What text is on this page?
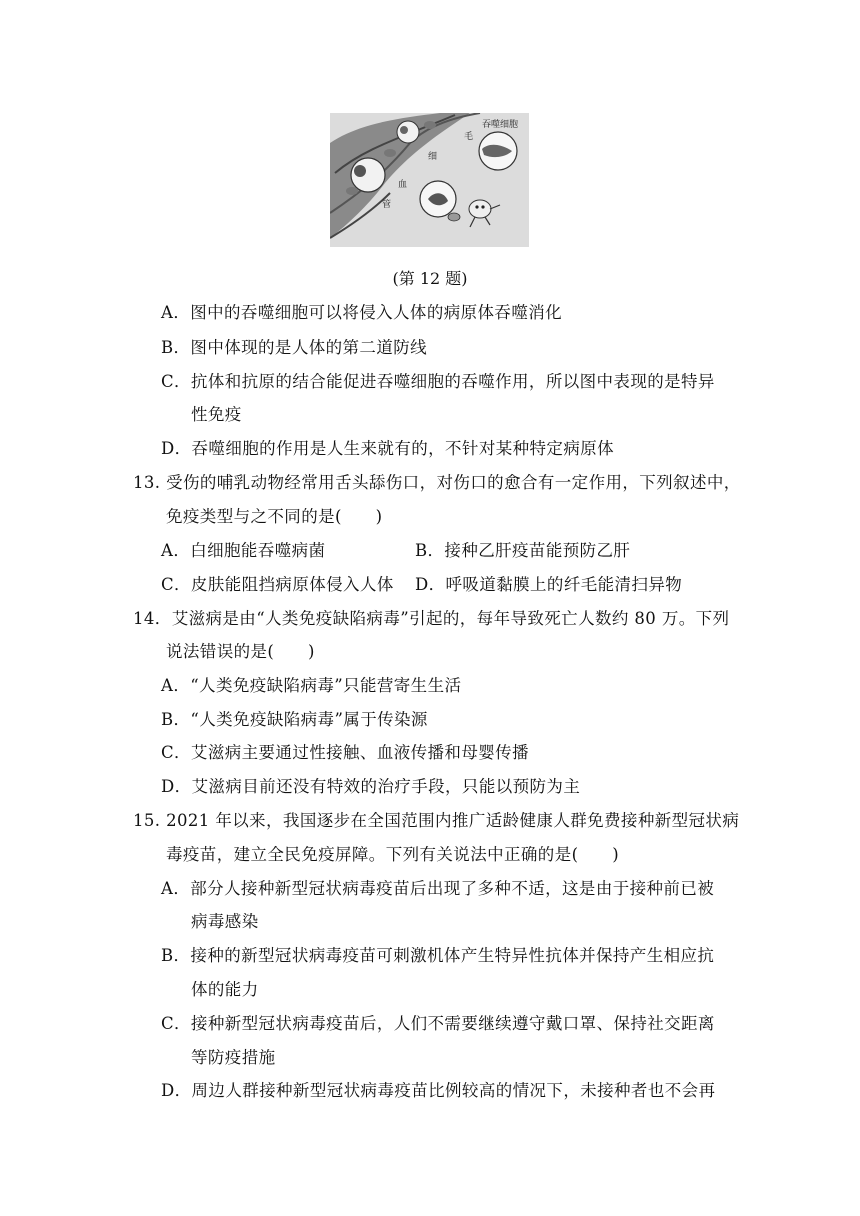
吞噬细胞
毛
细
血
管
(第 12 题)
A．图中的吞噬细胞可以将侵入人体的病原体吞噬消化
B．图中体现的是人体的第二道防线
C．抗体和抗原的结合能促进吞噬细胞的吞噬作用，所以图中表现的是特异
性免疫
D．吞噬细胞的作用是人生来就有的，不针对某种特定病原体
13. 受伤的哺乳动物经常用舌头舔伤口，对伤口的愈合有一定作用，下列叙述中，
免疫类型与之不同的是(　　)
A．白细胞能吞噬病菌	B．接种乙肝疫苗能预防乙肝
C．皮肤能阻挡病原体侵入人体 D．呼吸道黏膜上的纤毛能清扫异物
14．艾滋病是由“人类免疫缺陷病毒”引起的，每年导致死亡人数约 80 万。下列
说法错误的是(　　)
A．“人类免疫缺陷病毒”只能营寄生生活
B．“人类免疫缺陷病毒”属于传染源
C．艾滋病主要通过性接触、血液传播和母婴传播
D．艾滋病目前还没有特效的治疗手段，只能以预防为主
15. 2021 年以来，我国逐步在全国范围内推广适龄健康人群免费接种新型冠状病
毒疫苗，建立全民免疫屏障。下列有关说法中正确的是(　　)
A．部分人接种新型冠状病毒疫苗后出现了多种不适，这是由于接种前已被
病毒感染
B．接种的新型冠状病毒疫苗可刺激机体产生特异性抗体并保持产生相应抗
体的能力
C．接种新型冠状病毒疫苗后，人们不需要继续遵守戴口罩、保持社交距离
等防疫措施
D．周边人群接种新型冠状病毒疫苗比例较高的情况下，未接种者也不会再
